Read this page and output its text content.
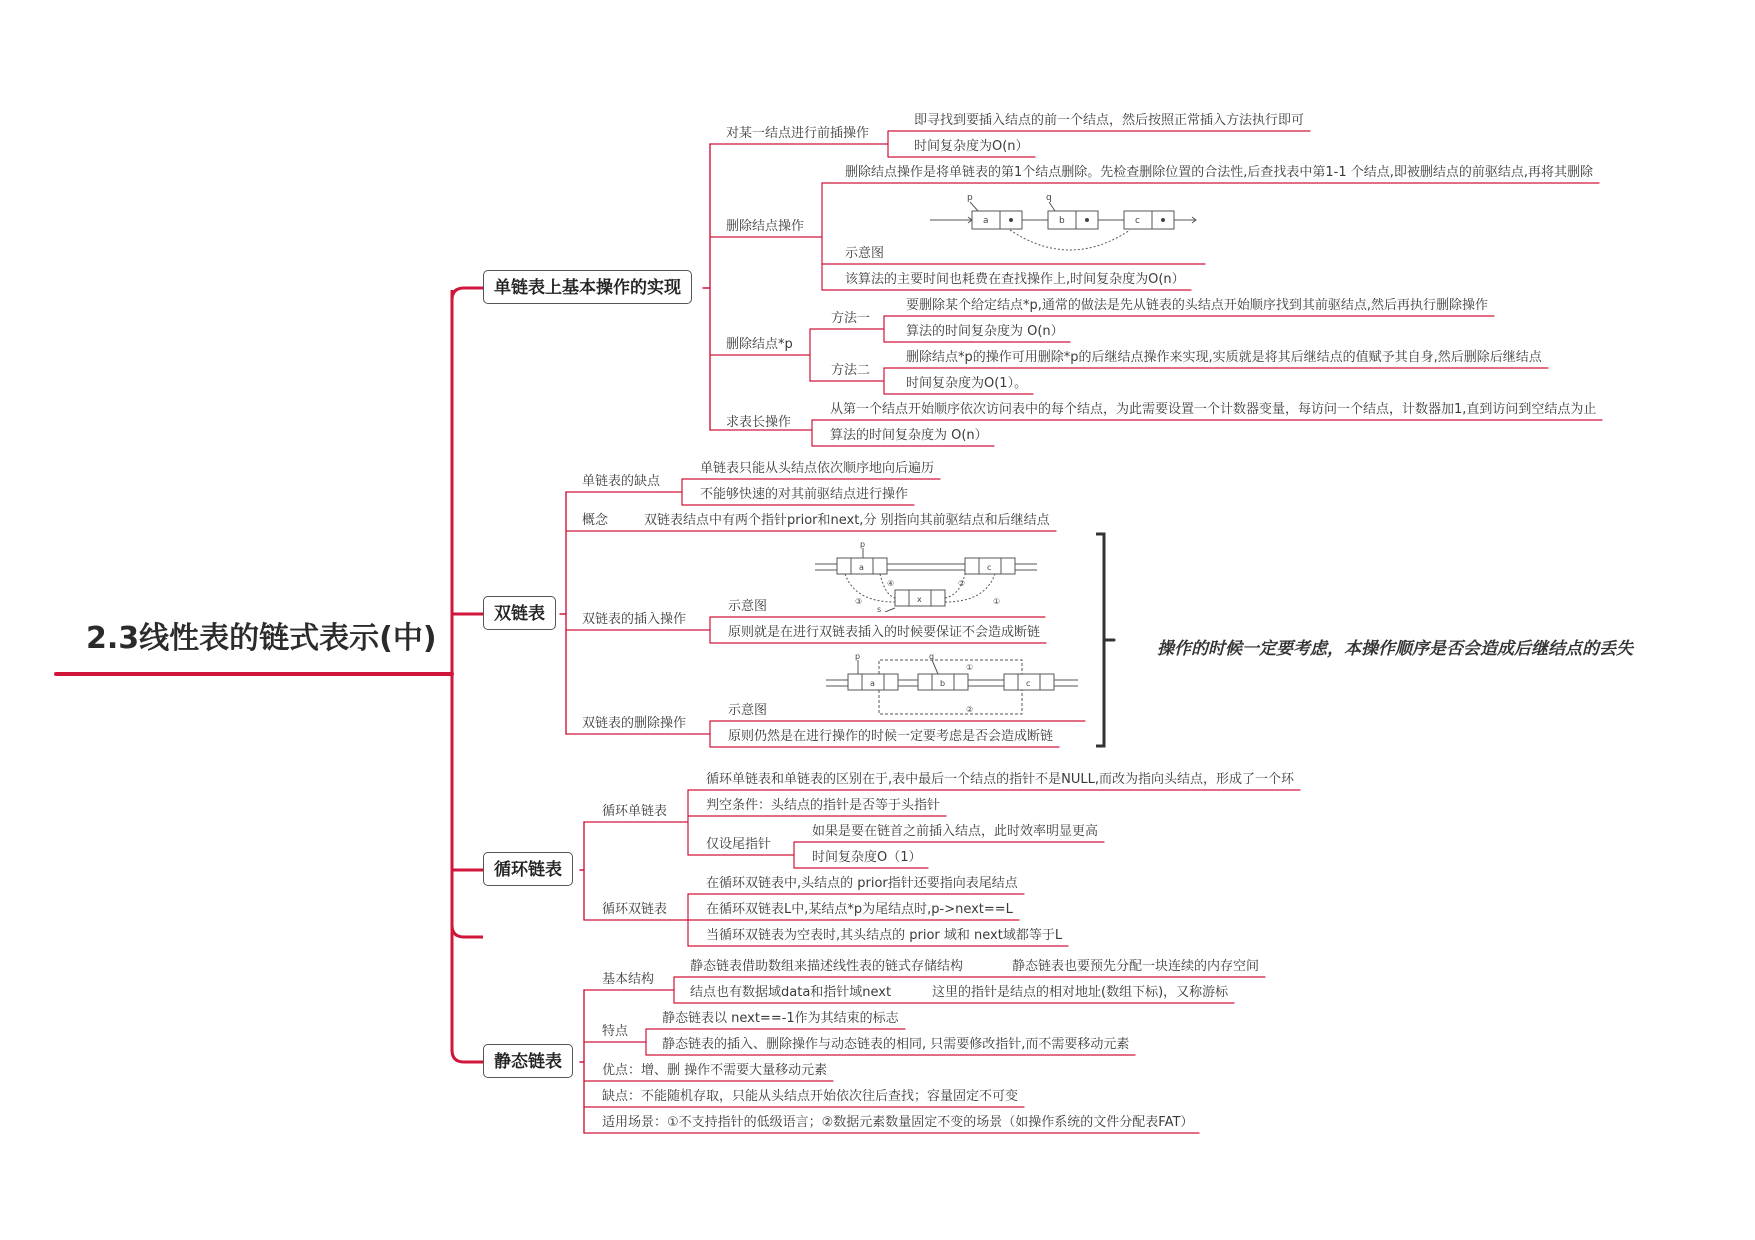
2.3线性表的链式表示(中)
单链表上基本操作的实现
双链表
循环链表
静态链表
对某一结点进行前插操作
即寻找到要插入结点的前一个结点，然后按照正常插入方法执行即可
时间复杂度为O(n）
删除结点操作
删除结点操作是将单链表的第1个结点删除。先检查删除位置的合法性,后查找表中第1-1 个结点,即被删结点的前驱结点,再将其删除
示意图
该算法的主要时间也耗费在查找操作上,时间复杂度为O(n）
p	q
a	b	c
删除结点*p
方法一
要删除某个给定结点*p,通常的做法是先从链表的头结点开始顺序找到其前驱结点,然后再执行删除操作
算法的时间复杂度为 O(n）
方法二
删除结点*p的操作可用删除*p的后继结点操作来实现,实质就是将其后继结点的值赋予其自身,然后删除后继结点
时间复杂度为O(1）。
求表长操作
从第一个结点开始顺序依次访问表中的每个结点，为此需要设置一个计数器变量，每访问一个结点，计数器加1,直到访问到空结点为止
算法的时间复杂度为 O(n）
单链表的缺点
单链表只能从头结点依次顺序地向后遍历
不能够快速的对其前驱结点进行操作
概念	双链表结点中有两个指针prior和next,分 别指向其前驱结点和后继结点
双链表的插入操作
示意图
原则就是在进行双链表插入的时候要保证不会造成断链
p
a	c
x
④	②
③	①
s
双链表的删除操作
示意图
原则仍然是在进行操作的时候一定要考虑是否会造成断链
p	q
a	b	c
①
②
操作的时候一定要考虑，本操作顺序是否会造成后继结点的丢失
循环单链表
循环单链表和单链表的区别在于,表中最后一个结点的指针不是NULL,而改为指向头结点，形成了一个环
判空条件：头结点的指针是否等于头指针
仅设尾指针
如果是要在链首之前插入结点，此时效率明显更高
时间复杂度O（1）
循环双链表
在循环双链表中,头结点的 prior指针还要指向表尾结点
在循环双链表L中,某结点*p为尾结点时,p->next==L
当循环双链表为空表时,其头结点的 prior 域和 next域都等于L
基本结构
静态链表借助数组来描述线性表的链式存储结构	静态链表也要预先分配一块连续的内存空间
结点也有数据域data和指针域next	这里的指针是结点的相对地址(数组下标)，又称游标
特点
静态链表以 next==-1作为其结束的标志
静态链表的插入、删除操作与动态链表的相同, 只需要修改指针,而不需要移动元素
优点：增、删 操作不需要大量移动元素
缺点：不能随机存取，只能从头结点开始依次往后查找；容量固定不可变
适用场景：①不支持指针的低级语言；②数据元素数量固定不变的场景（如操作系统的文件分配表FAT）
